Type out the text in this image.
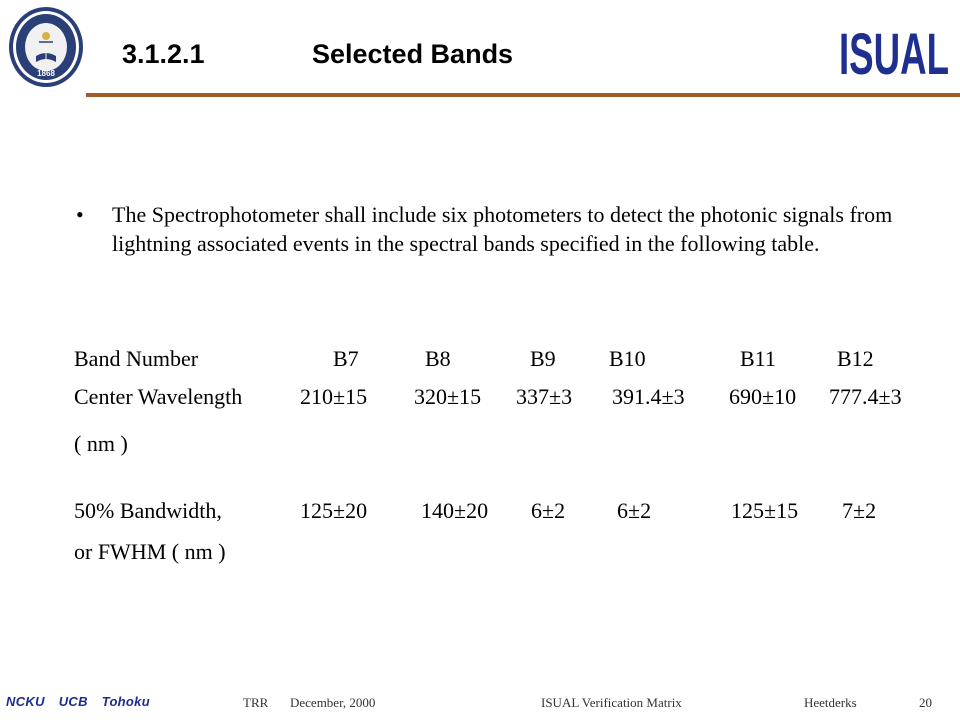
1868
3.1.2.1	Selected Bands	ISUAL
• The Spectrophotometer shall include six photometers to detect the photonic signals from lightning associated events in the spectral bands specified in the following table.
Band Number	B7	B8	B9 B10	B11	B12
Center Wavelength	210±15 320±15 337±3 391.4±3 690±10 777.4±3
( nm )
50% Bandwidth,	125±20 140±20 6±2 6±2	125±15 7±2
or FWHM ( nm )
NCKU UCB Tohoku	TRR December, 2000	ISUAL Verification Matrix	Heetderks	20
